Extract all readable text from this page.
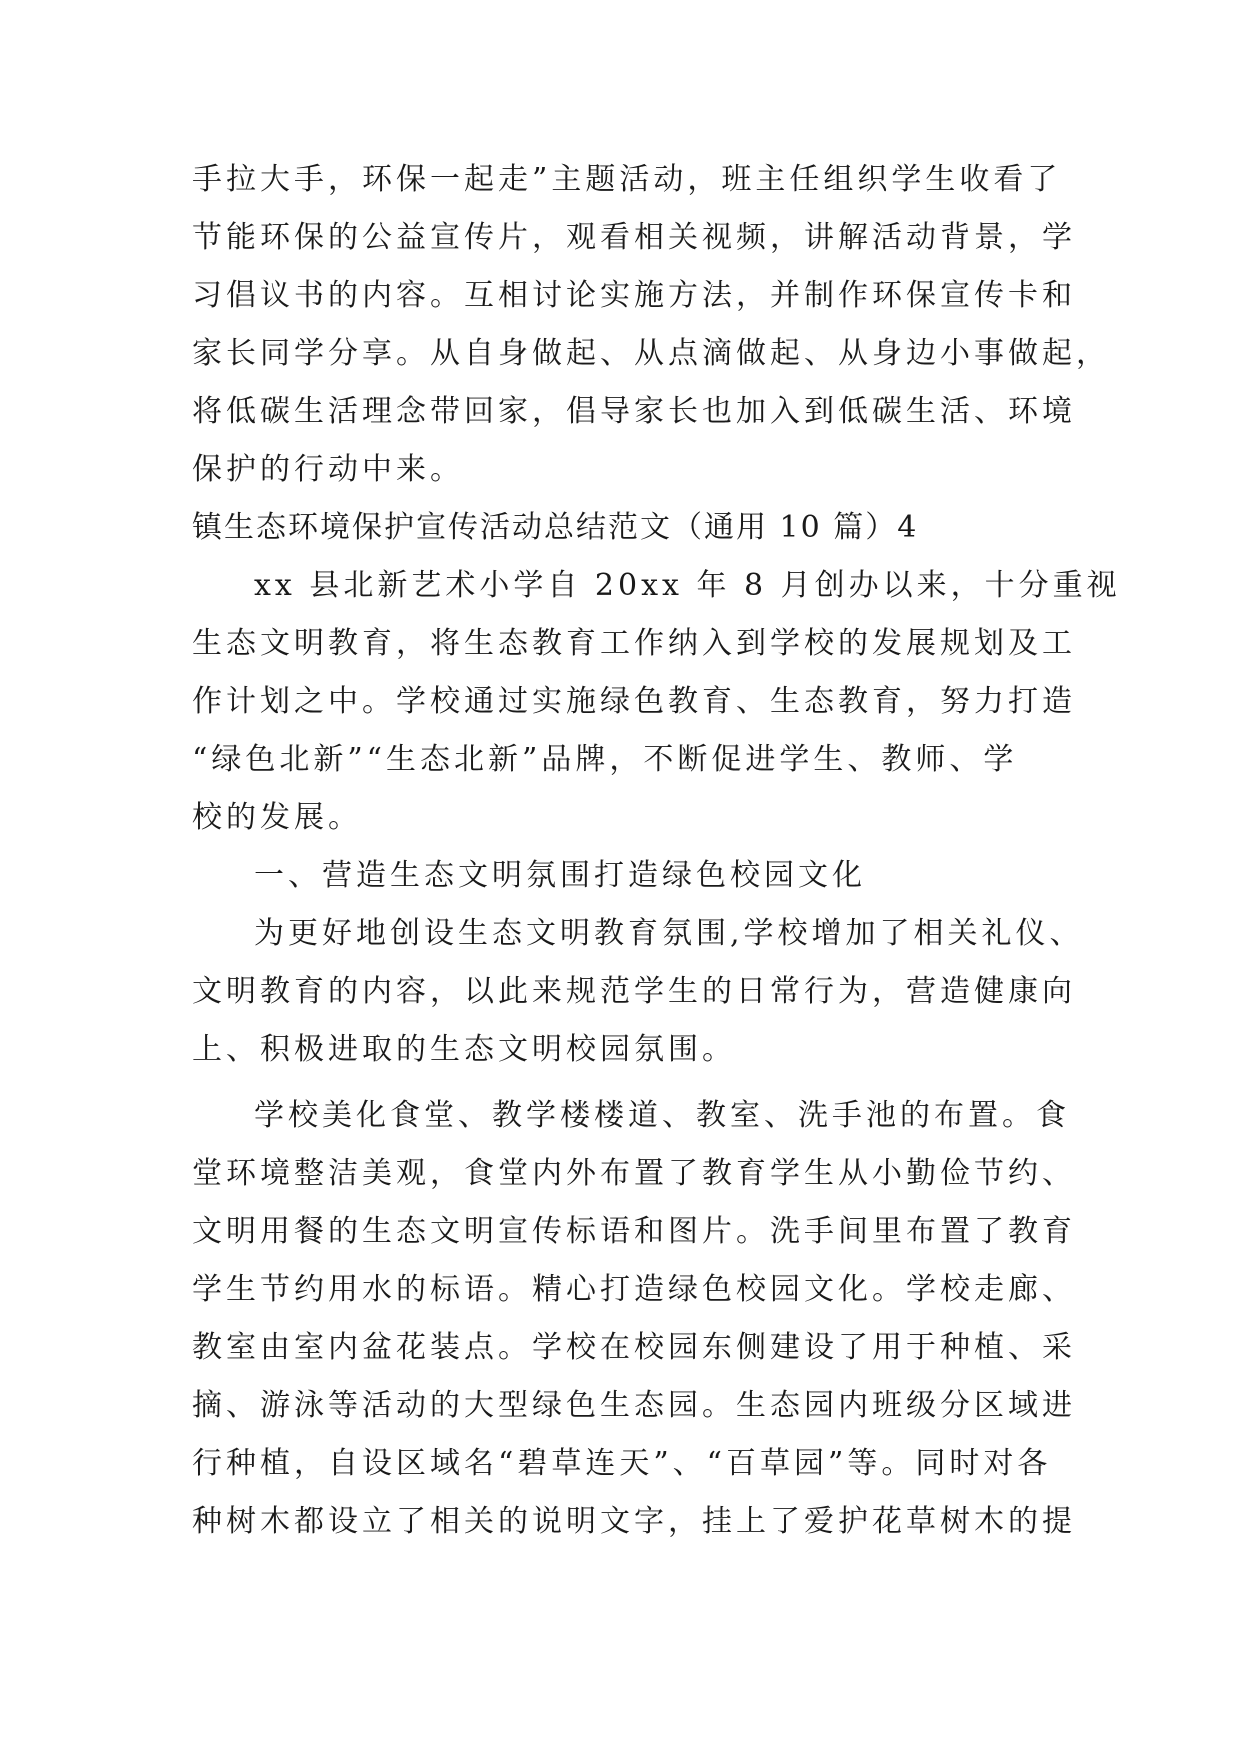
手拉大手，环保一起走”主题活动，班主任组织学生收看了
节能环保的公益宣传片，观看相关视频，讲解活动背景，学
习倡议书的内容。互相讨论实施方法，并制作环保宣传卡和
家长同学分享。从自身做起、从点滴做起、从身边小事做起，
将低碳生活理念带回家，倡导家长也加入到低碳生活、环境
保护的行动中来。
镇生态环境保护宣传活动总结范文（通用 10 篇）4
xx 县北新艺术小学自 20xx 年 8 月创办以来，十分重视
生态文明教育，将生态教育工作纳入到学校的发展规划及工
作计划之中。学校通过实施绿色教育、生态教育，努力打造
“绿色北新”“生态北新”品牌，不断促进学生、教师、学
校的发展。
一、营造生态文明氛围打造绿色校园文化
为更好地创设生态文明教育氛围,学校增加了相关礼仪、
文明教育的内容，以此来规范学生的日常行为，营造健康向
上、积极进取的生态文明校园氛围。
学校美化食堂、教学楼楼道、教室、洗手池的布置。食
堂环境整洁美观，食堂内外布置了教育学生从小勤俭节约、
文明用餐的生态文明宣传标语和图片。洗手间里布置了教育
学生节约用水的标语。精心打造绿色校园文化。学校走廊、
教室由室内盆花装点。学校在校园东侧建设了用于种植、采
摘、游泳等活动的大型绿色生态园。生态园内班级分区域进
行种植，自设区域名“碧草连天”、“百草园”等。同时对各
种树木都设立了相关的说明文字，挂上了爱护花草树木的提
